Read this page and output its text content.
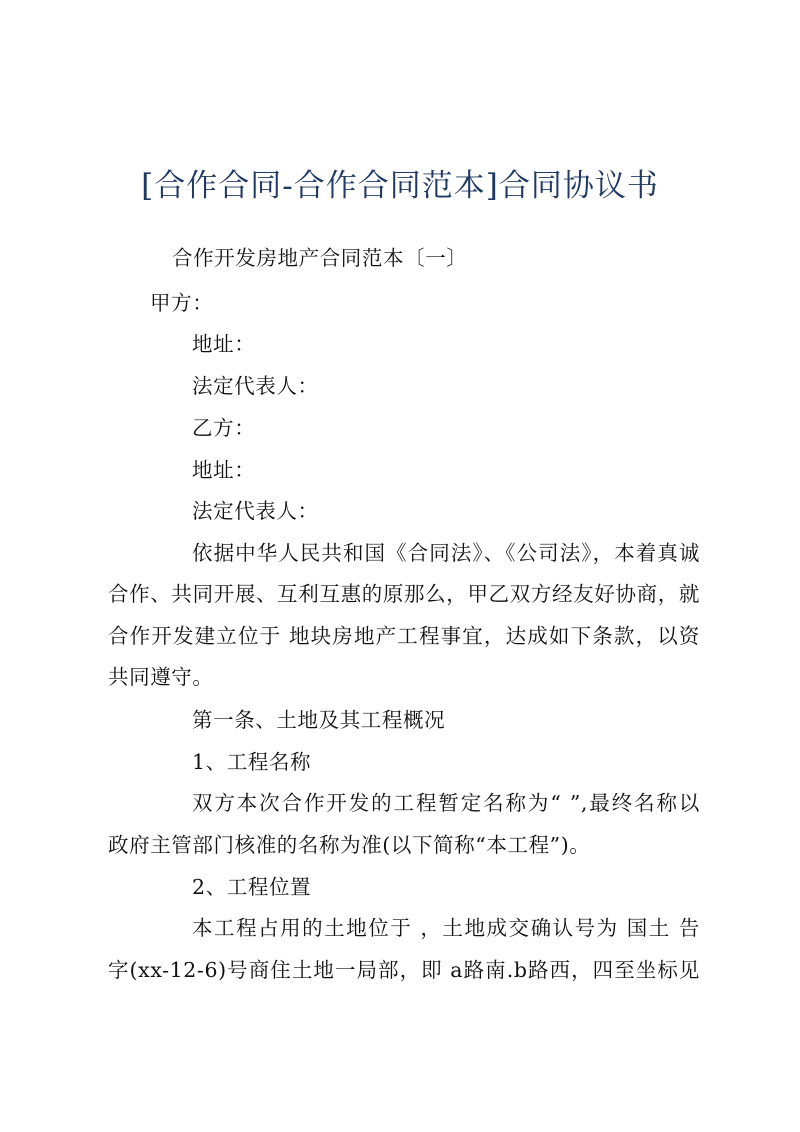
[合作合同-合作合同范本]合同协议书
合作开发房地产合同范本〔一〕
甲方：
地址：
法定代表人：
乙方：
地址：
法定代表人：
依据中华人民共和国《合同法》、《公司法》，本着真诚
合作、共同开展、互利互惠的原那么，甲乙双方经友好协商，就
合作开发建立位于 地块房地产工程事宜，达成如下条款，以资
共同遵守。
第一条、土地及其工程概况
1、工程名称
双方本次合作开发的工程暂定名称为“ ”,最终名称以
政府主管部门核准的名称为准(以下简称“本工程”)。
2、工程位置
本工程占用的土地位于 ，土地成交确认号为 国土 告
字(xx-12-6)号商住土地一局部，即 a路南.b路西，四至坐标见
